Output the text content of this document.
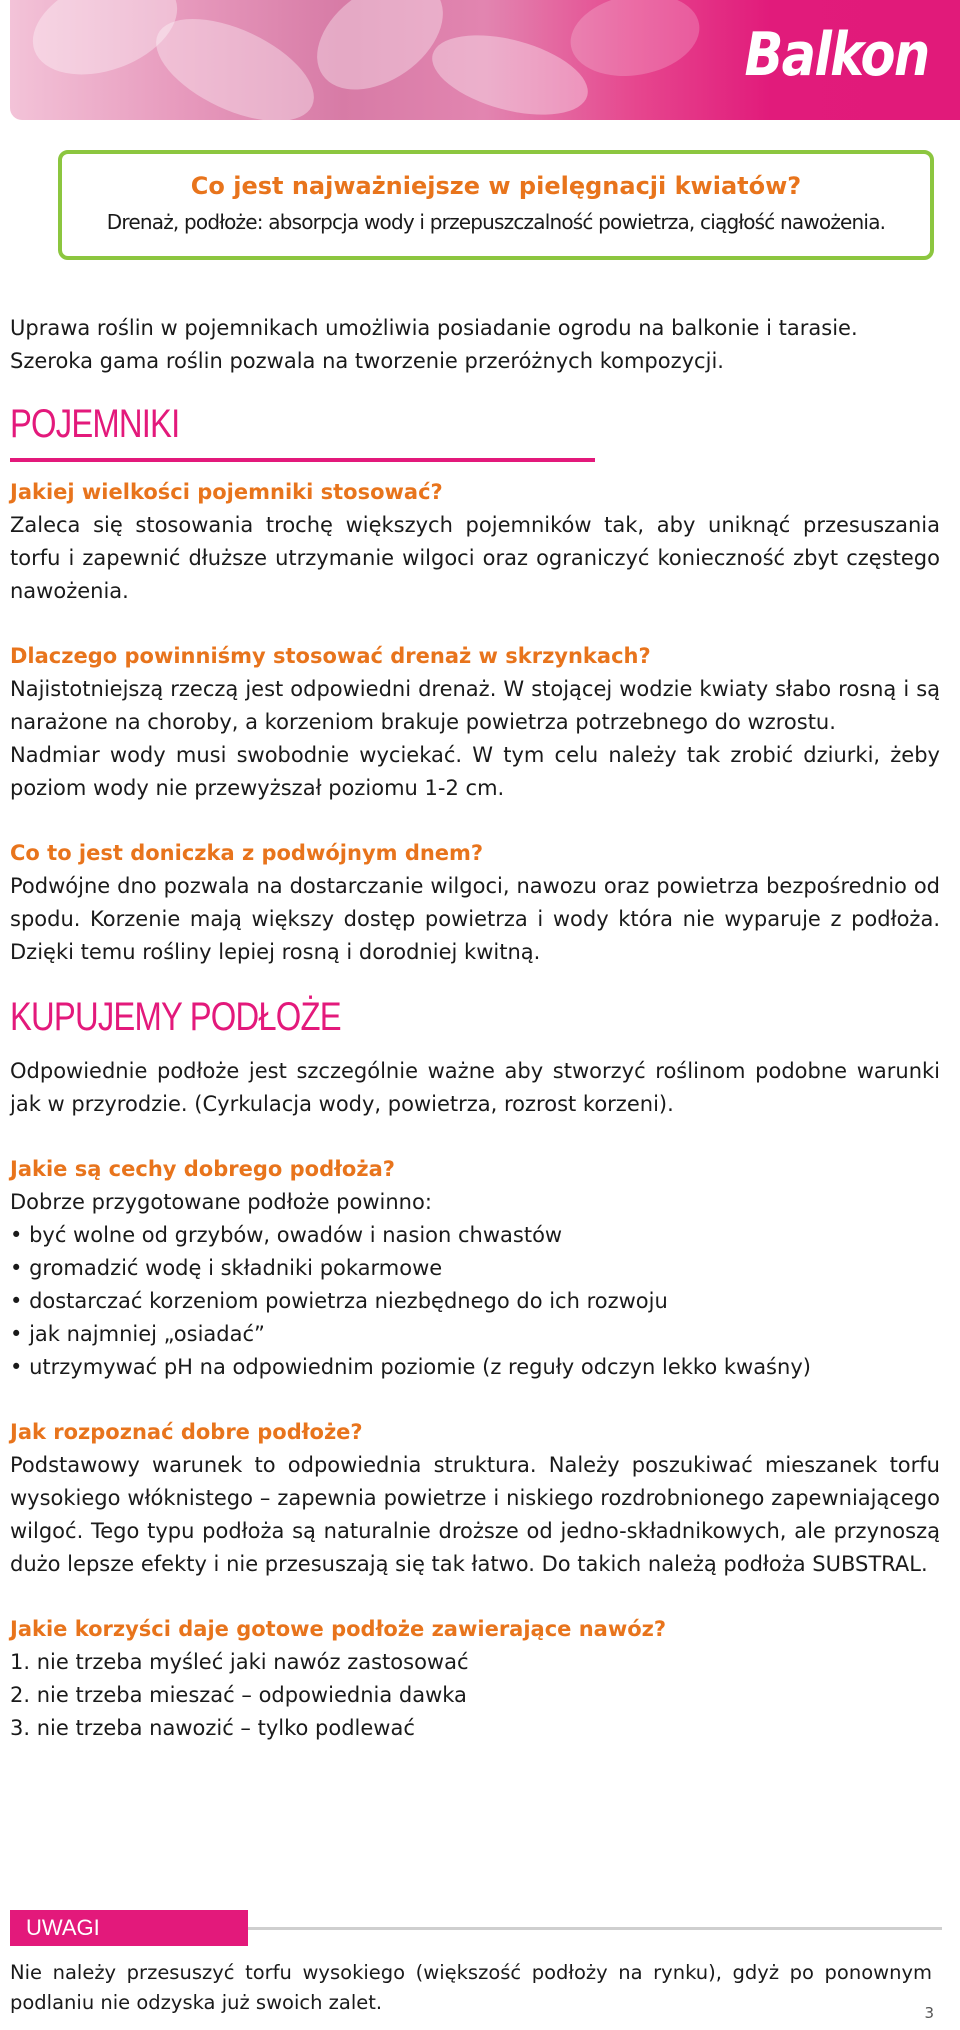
Balkon
Co jest najważniejsze w pielęgnacji kwiatów?
Drenaż, podłoże: absorpcja wody i przepuszczalność powietrza, ciągłość nawożenia.
Uprawa roślin w pojemnikach umożliwia posiadanie ogrodu na balkonie i tarasie.
Szeroka gama roślin pozwala na tworzenie przeróżnych kompozycji.
POJEMNIKI
Jakiej wielkości pojemniki stosować?
Zaleca się stosowania trochę większych pojemników tak, aby uniknąć przesuszania torfu i zapewnić dłuższe utrzymanie wilgoci oraz ograniczyć konieczność zbyt częstego nawożenia.
Dlaczego powinniśmy stosować drenaż w skrzynkach?
Najistotniejszą rzeczą jest odpowiedni drenaż. W stojącej wodzie kwiaty słabo rosną i są narażone na choroby, a korzeniom brakuje powietrza potrzebnego do wzrostu.
Nadmiar wody musi swobodnie wyciekać. W tym celu należy tak zrobić dziurki, żeby poziom wody nie przewyższał poziomu 1-2 cm.
Co to jest doniczka z podwójnym dnem?
Podwójne dno pozwala na dostarczanie wilgoci, nawozu oraz powietrza bezpośrednio od spodu. Korzenie mają większy dostęp powietrza i wody która nie wyparuje z podłoża. Dzięki temu rośliny lepiej rosną i dorodniej kwitną.
KUPUJEMY PODŁOŻE
Odpowiednie podłoże jest szczególnie ważne aby stworzyć roślinom podobne warunki jak w przyrodzie. (Cyrkulacja wody, powietrza, rozrost korzeni).
Jakie są cechy dobrego podłoża?
Dobrze przygotowane podłoże powinno:
• być wolne od grzybów, owadów i nasion chwastów
• gromadzić wodę i składniki pokarmowe
• dostarczać korzeniom powietrza niezbędnego do ich rozwoju
• jak najmniej „osiadać”
• utrzymywać pH na odpowiednim poziomie (z reguły odczyn lekko kwaśny)
Jak rozpoznać dobre podłoże?
Podstawowy warunek to odpowiednia struktura. Należy poszukiwać mieszanek torfu wysokiego włóknistego – zapewnia powietrze i niskiego rozdrobnionego zapewniającego wilgoć. Tego typu podłoża są naturalnie droższe od jedno-składnikowych, ale przynoszą dużo lepsze efekty i nie przesuszają się tak łatwo. Do takich należą podłoża SUBSTRAL.
Jakie korzyści daje gotowe podłoże zawierające nawóz?
1. nie trzeba myśleć jaki nawóz zastosować
2. nie trzeba mieszać – odpowiednia dawka
3. nie trzeba nawozić – tylko podlewać
UWAGI
Nie należy przesuszyć torfu wysokiego (większość podłoży na rynku), gdyż po ponownym podlaniu nie odzyska już swoich zalet.	3
